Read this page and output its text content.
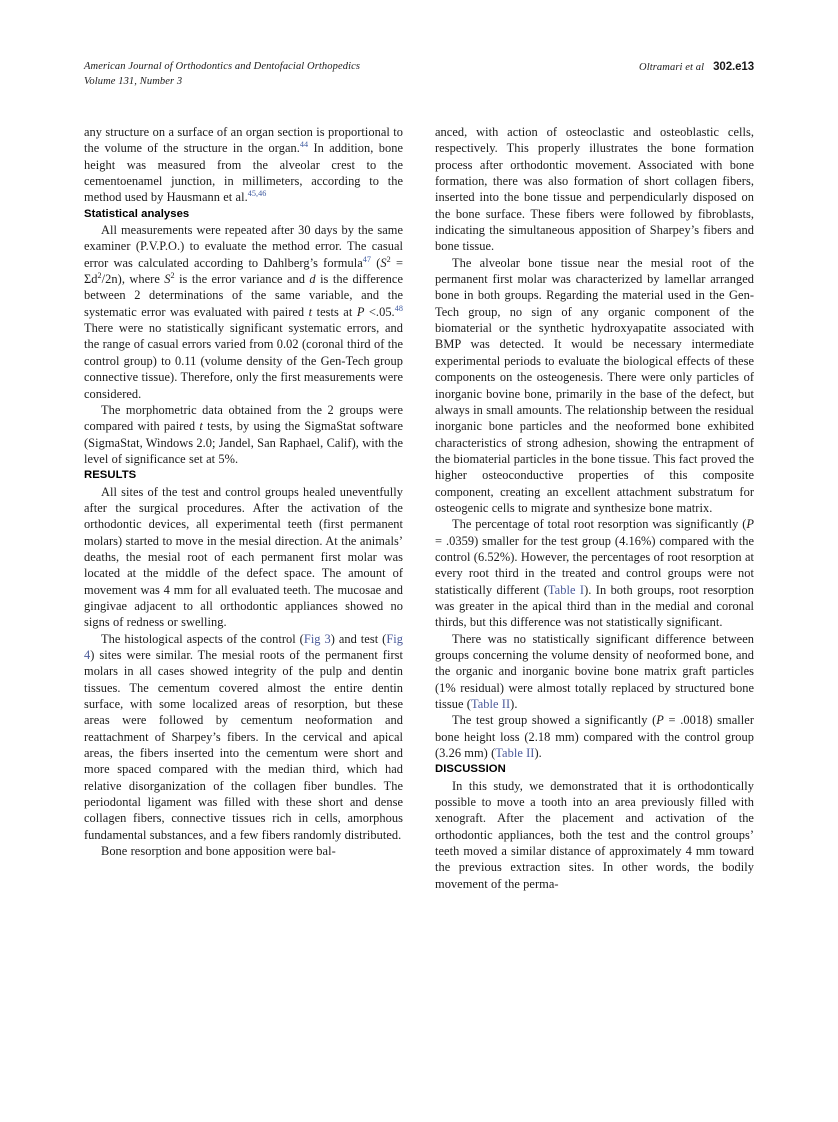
American Journal of Orthodontics and Dentofacial Orthopedics
Volume 131, Number 3
Oltramari et al 302.e13

any structure on a surface of an organ section is proportional to the volume of the structure in the organ.$^{44}$ In addition, bone height was measured from the alveolar crest to the cementoenamel junction, in millimeters, according to the method used by Hausmann et al.$^{45,46}$

Statistical analyses

All measurements were repeated after 30 days by the same examiner (P.V.P.O.) to evaluate the method error. The casual error was calculated according to Dahlberg’s formula$^{47}$ $(S^2 = \Sigma d^2/2n)$, where $S^2$ is the error variance and d is the difference between 2 determinations of the same variable, and the systematic error was evaluated with paired t tests at P <.05.48 There were no statistically significant systematic errors, and the range of casual errors varied from 0.02 (coronal third of the control group) to 0.11 (volume density of the Gen-Tech group connective tissue). Therefore, only the first measurements were considered.

The morphometric data obtained from the 2 groups were compared with paired t tests, by using the SigmaStat software (SigmaStat, Windows 2.0; Jandel, San Raphael, Calif), with the level of significance set at 5%.

RESULTS

All sites of the test and control groups healed uneventfully after the surgical procedures. After the activation of the orthodontic devices, all experimental teeth (first permanent molars) started to move in the mesial direction. At the animals’ deaths, the mesial root of each permanent first molar was located at the middle of the defect space. The amount of movement was 4 mm for all evaluated teeth. The mucosae and gingivae adjacent to all orthodontic appliances showed no signs of redness or swelling.

The histological aspects of the control (Fig 3) and test (Fig 4) sites were similar. The mesial roots of the permanent first molars in all cases showed integrity of the pulp and dentin tissues. The cementum covered almost the entire dentin surface, with some localized areas of resorption, but these areas were followed by cementum neoformation and reattachment of Sharpey’s fibers. In the cervical and apical areas, the fibers inserted into the cementum were short and more spaced compared with the median third, which had relative disorganization of the collagen fiber bundles. The periodontal ligament was filled with these short and dense collagen fibers, connective tissues rich in cells, amorphous fundamental substances, and a few fibers randomly distributed.

Bone resorption and bone apposition were bal-

anced, with action of osteoclastic and osteoblastic cells, respectively. This properly illustrates the bone formation process after orthodontic movement. Associated with bone formation, there was also formation of short collagen fibers, inserted into the bone tissue and perpendicularly disposed on the bone surface. These fibers were followed by fibroblasts, indicating the simultaneous apposition of Sharpey’s fibers and bone tissue.

The alveolar bone tissue near the mesial root of the permanent first molar was characterized by lamellar arranged bone in both groups. Regarding the material used in the Gen-Tech group, no sign of any organic component of the biomaterial or the synthetic hydroxyapatite associated with BMP was detected. It would be necessary intermediate experimental periods to evaluate the biological effects of these components on the osteogenesis. There were only particles of inorganic bovine bone, primarily in the base of the defect, but always in small amounts. The relationship between the residual inorganic bone particles and the neoformed bone exhibited characteristics of strong adhesion, showing the entrapment of the biomaterial particles in the bone tissue. This fact proved the higher osteoconductive properties of this composite component, creating an excellent attachment substratum for osteogenic cells to migrate and synthesize bone matrix.

The percentage of total root resorption was significantly (P = .0359) smaller for the test group (4.16%) compared with the control (6.52%). However, the percentages of root resorption at every root third in the treated and control groups were not statistically different (Table I). In both groups, root resorption was greater in the apical third than in the medial and coronal thirds, but this difference was not statistically significant.

There was no statistically significant difference between groups concerning the volume density of neoformed bone, and the organic and inorganic bovine bone matrix graft particles (1% residual) were almost totally replaced by structured bone tissue (Table II).

The test group showed a significantly (P = .0018) smaller bone height loss (2.18 mm) compared with the control group (3.26 mm) (Table II).

DISCUSSION

In this study, we demonstrated that it is orthodontically possible to move a tooth into an area previously filled with xenograft. After the placement and activation of the orthodontic appliances, both the test and the control groups’ teeth moved a similar distance of approximately 4 mm toward the previous extraction sites. In other words, the bodily movement of the perma-
